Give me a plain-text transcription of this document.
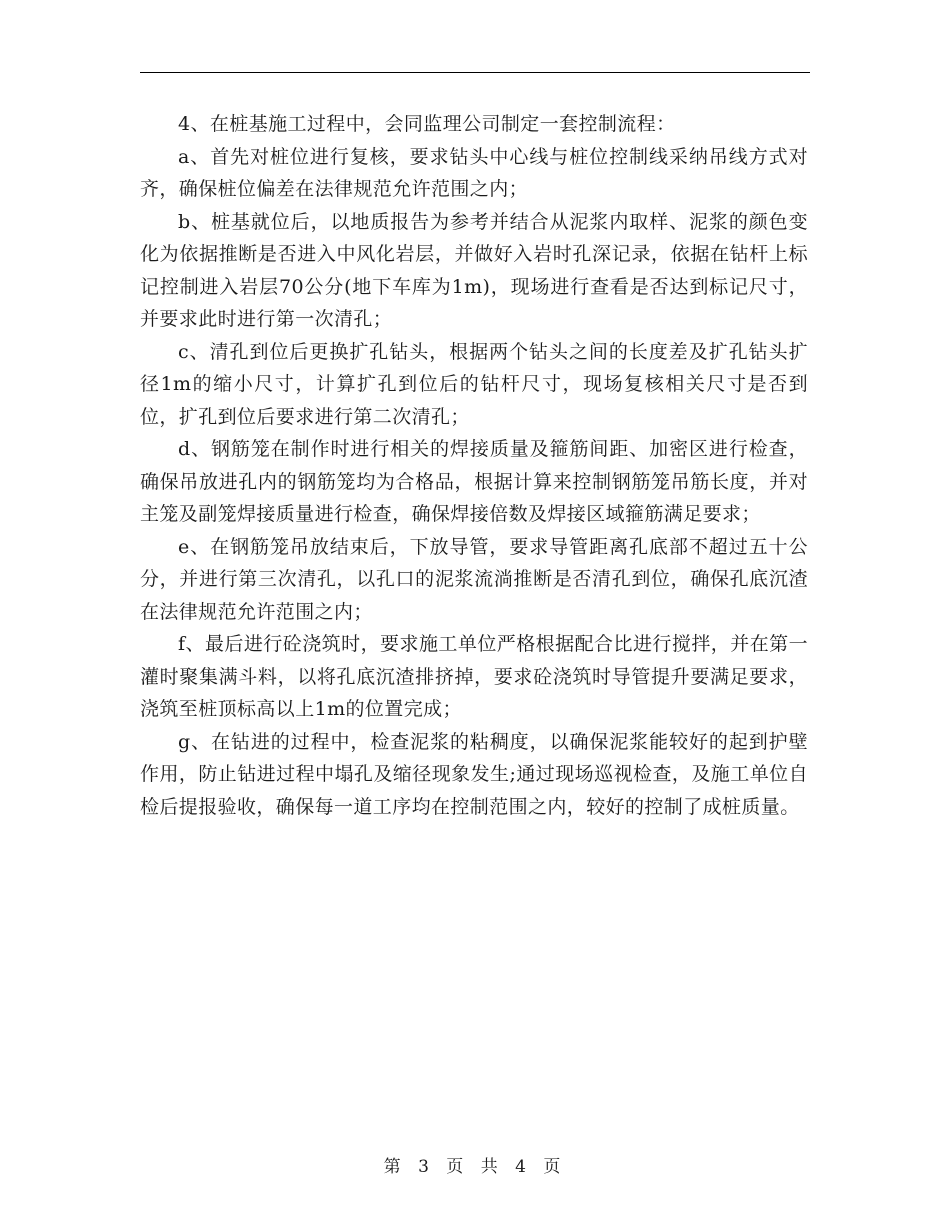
4、在桩基施工过程中，会同监理公司制定一套控制流程：

a、首先对桩位进行复核，要求钻头中心线与桩位控制线采纳吊线方式对齐，确保桩位偏差在法律规范允许范围之内；

b、桩基就位后，以地质报告为参考并结合从泥浆内取样、泥浆的颜色变化为依据推断是否进入中风化岩层，并做好入岩时孔深记录，依据在钻杆上标记控制进入岩层70公分(地下车库为1m)，现场进行查看是否达到标记尺寸，并要求此时进行第一次清孔；

c、清孔到位后更换扩孔钻头，根据两个钻头之间的长度差及扩孔钻头扩径1m的缩小尺寸，计算扩孔到位后的钻杆尺寸，现场复核相关尺寸是否到位，扩孔到位后要求进行第二次清孔；

d、钢筋笼在制作时进行相关的焊接质量及箍筋间距、加密区进行检查，确保吊放进孔内的钢筋笼均为合格品，根据计算来控制钢筋笼吊筋长度，并对主笼及副笼焊接质量进行检查，确保焊接倍数及焊接区域箍筋满足要求；

e、在钢筋笼吊放结束后，下放导管，要求导管距离孔底部不超过五十公分，并进行第三次清孔，以孔口的泥浆流淌推断是否清孔到位，确保孔底沉渣在法律规范允许范围之内；

f、最后进行砼浇筑时，要求施工单位严格根据配合比进行搅拌，并在第一灌时聚集满斗料，以将孔底沉渣排挤掉，要求砼浇筑时导管提升要满足要求，浇筑至桩顶标高以上1m的位置完成；

g、在钻进的过程中，检查泥浆的粘稠度，以确保泥浆能较好的起到护壁作用，防止钻进过程中塌孔及缩径现象发生;通过现场巡视检查，及施工单位自检后提报验收，确保每一道工序均在控制范围之内，较好的控制了成桩质量。

第 3 页 共 4 页
